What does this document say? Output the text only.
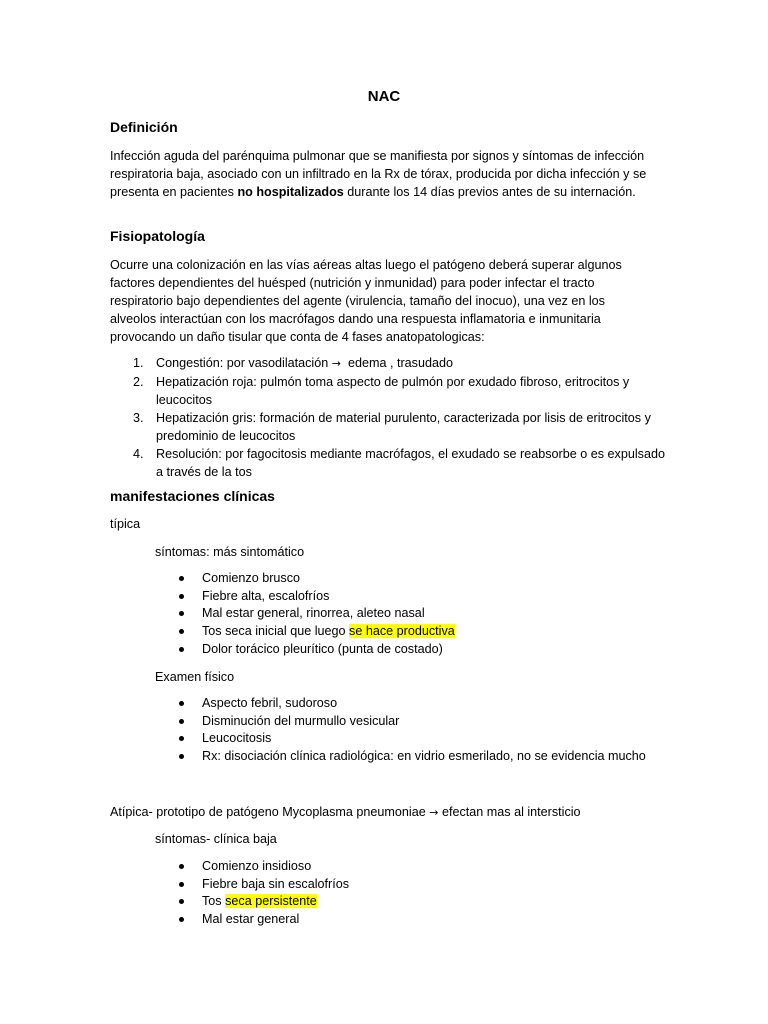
NAC
Definición
Infección aguda del parénquima pulmonar que se manifiesta por signos y síntomas de infección respiratoria baja, asociado con un infiltrado en la Rx de tórax, producida por dicha infección y se presenta en pacientes no hospitalizados durante los 14 días previos antes de su internación.
Fisiopatología
Ocurre una colonización en las vías aéreas altas luego el patógeno deberá superar algunos factores dependientes del huésped (nutrición y inmunidad) para poder infectar el tracto respiratorio bajo dependientes del agente (virulencia, tamaño del inocuo), una vez en los alveolos interactúan con los macrófagos dando una respuesta inflamatoria e inmunitaria provocando un daño tisular que conta de 4 fases anatopatologicas:
1. Congestión: por vasodilatación →  edema , trasudado
2. Hepatización roja: pulmón toma aspecto de pulmón por exudado fibroso, eritrocitos y leucocitos
3. Hepatización gris: formación de material purulento, caracterizada por lisis de eritrocitos y predominio de leucocitos
4. Resolución: por fagocitosis mediante macrófagos, el exudado se reabsorbe o es expulsado a través de la tos
manifestaciones clínicas
típica
síntomas: más sintomático
Comienzo brusco
Fiebre alta, escalofríos
Mal estar general, rinorrea, aleteo nasal
Tos seca inicial que luego se hace productiva
Dolor torácico pleurítico (punta de costado)
Examen físico
Aspecto febril, sudoroso
Disminución del murmullo vesicular
Leucocitosis
Rx: disociación clínica radiológica: en vidrio esmerilado, no se evidencia mucho
Atípica- prototipo de patógeno Mycoplasma pneumoniae → efectan mas al intersticio
síntomas- clínica baja
Comienzo insidioso
Fiebre baja sin escalofríos
Tos seca persistente
Mal estar general
